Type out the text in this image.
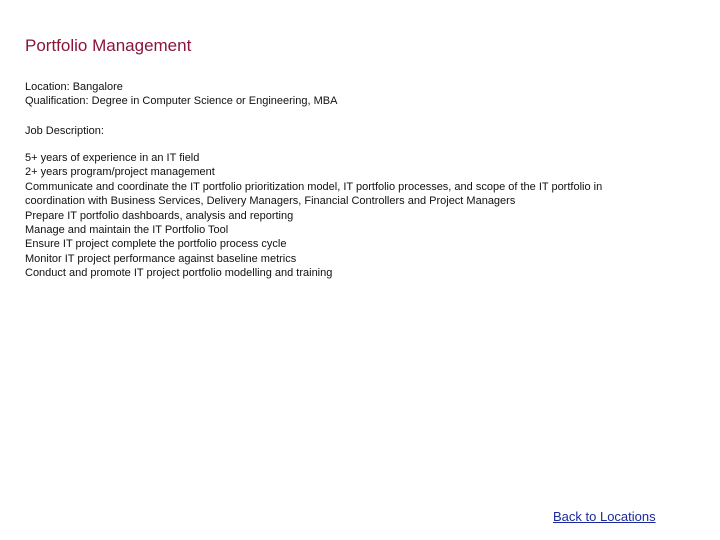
Portfolio Management
Location: Bangalore
Qualification: Degree in Computer Science or Engineering, MBA
Job Description:
5+ years of experience in an IT field
2+ years program/project management
Communicate and coordinate the IT portfolio prioritization model, IT portfolio processes, and scope of the IT portfolio in
coordination with Business Services, Delivery Managers, Financial Controllers and Project Managers
Prepare IT portfolio dashboards, analysis and reporting
Manage and maintain the IT Portfolio Tool
Ensure IT project complete the portfolio process cycle
Monitor IT project performance against baseline metrics
Conduct and promote IT project portfolio modelling and training
Back to Locations
